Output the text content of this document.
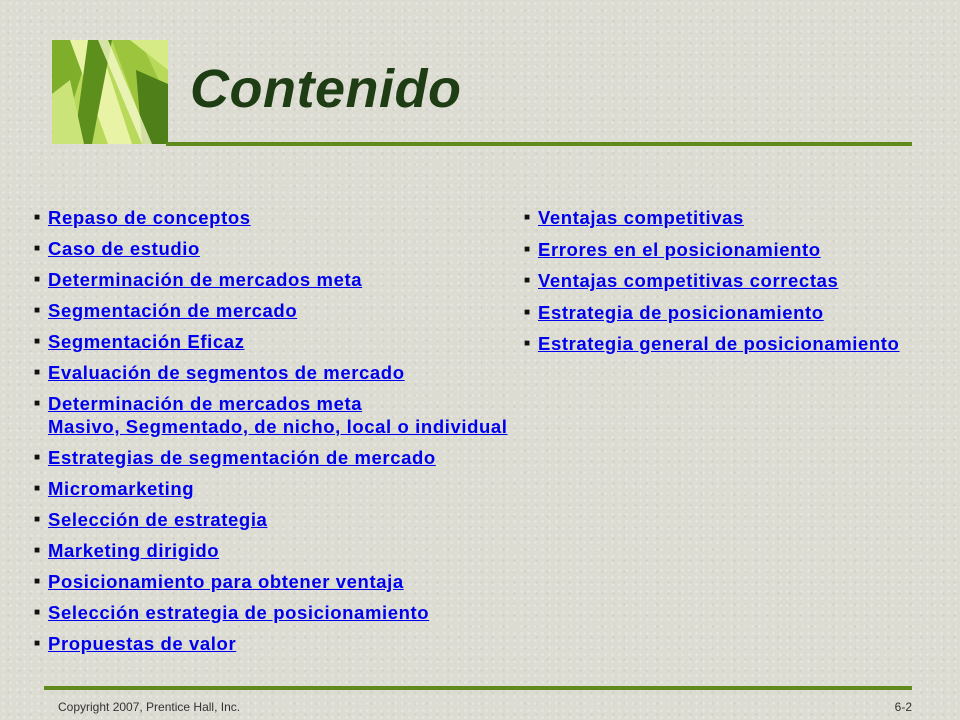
Contenido
■ Repaso de conceptos
■ Caso de estudio
■ Determinación de mercados meta
■ Segmentación de mercado
■ Segmentación Eficaz
■ Evaluación de segmentos de mercado
■ Determinación de mercados meta
Masivo, Segmentado, de nicho, local o individual
■ Estrategias de segmentación de mercado
■ Micromarketing
■ Selección de estrategia
■ Marketing dirigido
■ Posicionamiento para obtener ventaja
■ Selección estrategia de posicionamiento
■ Propuestas de valor
■ Ventajas competitivas
■ Errores en el posicionamiento
■ Ventajas competitivas correctas
■ Estrategia de posicionamiento
■ Estrategia general de posicionamiento
Copyright 2007, Prentice Hall, Inc.	6-2
